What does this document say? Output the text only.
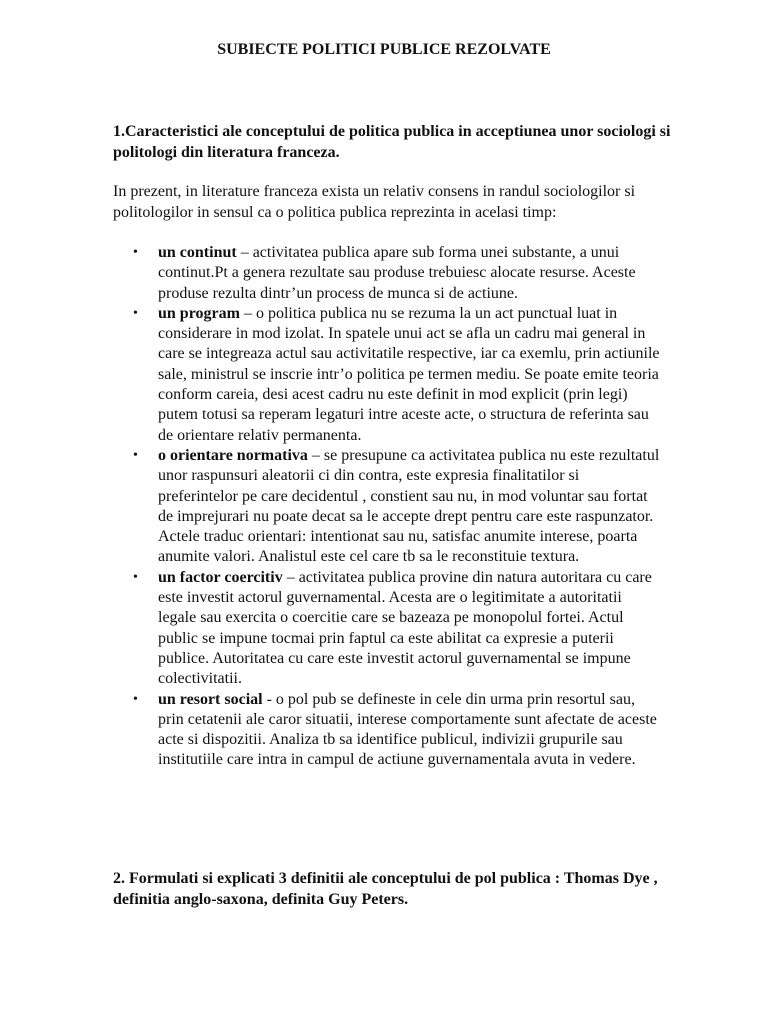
SUBIECTE POLITICI PUBLICE REZOLVATE
1.Caracteristici ale conceptului de politica publica in acceptiunea unor sociologi si politologi din literatura franceza.
In prezent, in literature franceza exista un relativ consens in randul sociologilor si politologilor in sensul ca o politica publica reprezinta in acelasi timp:
• un continut – activitatea publica apare sub forma unei substante, a unui continut.Pt a genera rezultate sau produse trebuiesc alocate resurse. Aceste produse rezulta dintr’un process de munca si de actiune.
• un program – o politica publica nu se rezuma la un act punctual luat in considerare in mod izolat. In spatele unui act se afla un cadru mai general in care se integreaza actul sau activitatile respective, iar ca exemlu, prin actiunile sale, ministrul se inscrie intr’o politica pe termen mediu. Se poate emite teoria conform careia, desi acest cadru nu este definit in mod explicit (prin legi) putem totusi sa reperam legaturi intre aceste acte, o structura de referinta sau de orientare relativ permanenta.
• o orientare normativa – se presupune ca activitatea publica nu este rezultatul unor raspunsuri aleatorii ci din contra, este expresia finalitatilor si preferintelor pe care decidentul , constient sau nu, in mod voluntar sau fortat de imprejurari nu poate decat sa le accepte drept pentru care este raspunzator. Actele traduc orientari: intentionat sau nu, satisfac anumite interese, poarta anumite valori. Analistul este cel care tb sa le reconstituie textura.
• un factor coercitiv – activitatea publica provine din natura autoritara cu care este investit actorul guvernamental. Acesta are o legitimitate a autoritatii legale sau exercita o coercitie care se bazeaza pe monopolul fortei. Actul public se impune tocmai prin faptul ca este abilitat ca expresie a puterii publice. Autoritatea cu care este investit actorul guvernamental se impune colectivitatii.
• un resort social - o pol pub se defineste in cele din urma prin resortul sau, prin cetatenii ale caror situatii, interese comportamente sunt afectate de aceste acte si dispozitii. Analiza tb sa identifice publicul, indivizii grupurile sau institutiile care intra in campul de actiune guvernamentala avuta in vedere.
2. Formulati si explicati 3 definitii ale conceptului de pol publica : Thomas Dye , definitia anglo-saxona, definita Guy Peters.
